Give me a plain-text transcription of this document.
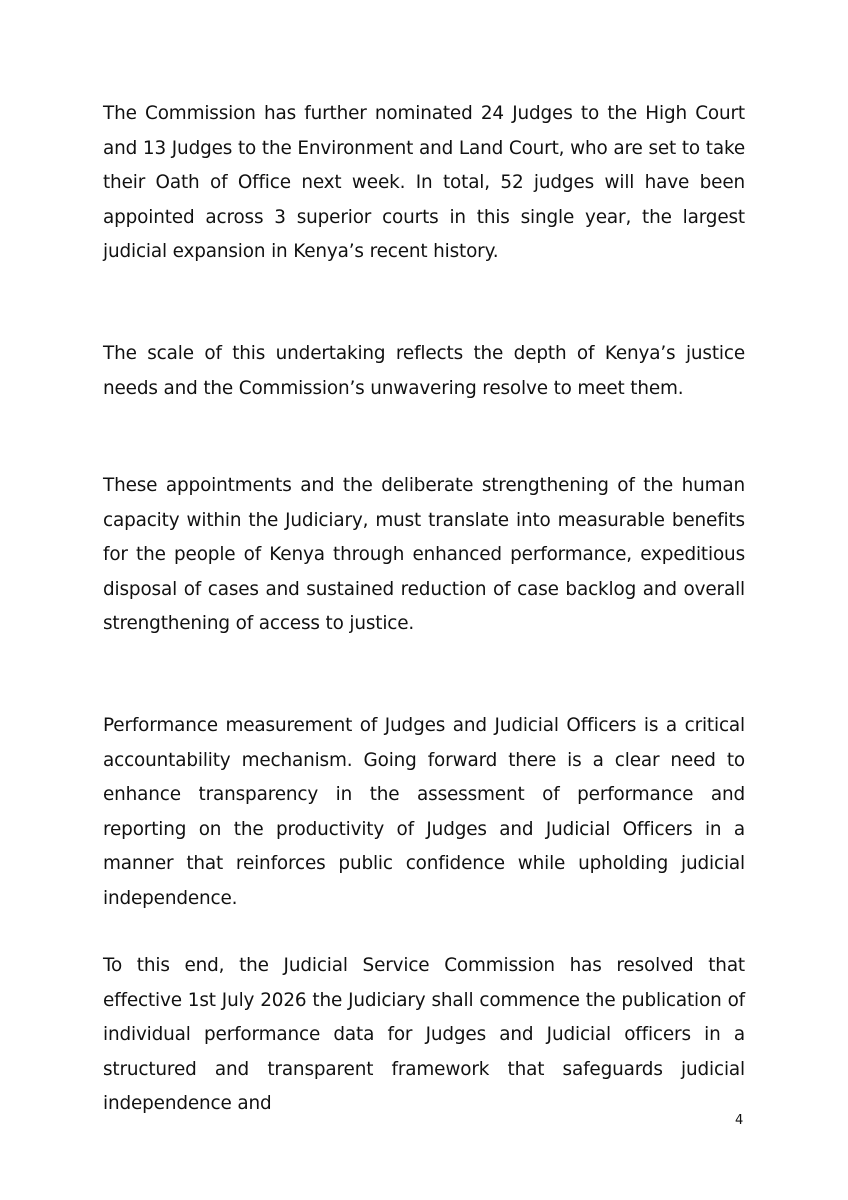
The Commission has further nominated 24 Judges to the High Court and 13 Judges to the Environment and Land Court, who are set to take their Oath of Office next week. In total, 52 judges will have been appointed across 3 superior courts in this single year, the largest judicial expansion in Kenya’s recent history.

The scale of this undertaking reflects the depth of Kenya’s justice needs and the Commission’s unwavering resolve to meet them.

These appointments and the deliberate strengthening of the human capacity within the Judiciary, must translate into measurable benefits for the people of Kenya through enhanced performance, expeditious disposal of cases and sustained reduction of case backlog and overall strengthening of access to justice.

Performance measurement of Judges and Judicial Officers is a critical accountability mechanism. Going forward there is a clear need to enhance transparency in the assessment of performance and reporting on the productivity of Judges and Judicial Officers in a manner that reinforces public confidence while upholding judicial independence.

To this end, the Judicial Service Commission has resolved that effective 1st July 2026 the Judiciary shall commence the publication of individual performance data for Judges and Judicial officers in a structured and transparent framework that safeguards judicial independence and

4
